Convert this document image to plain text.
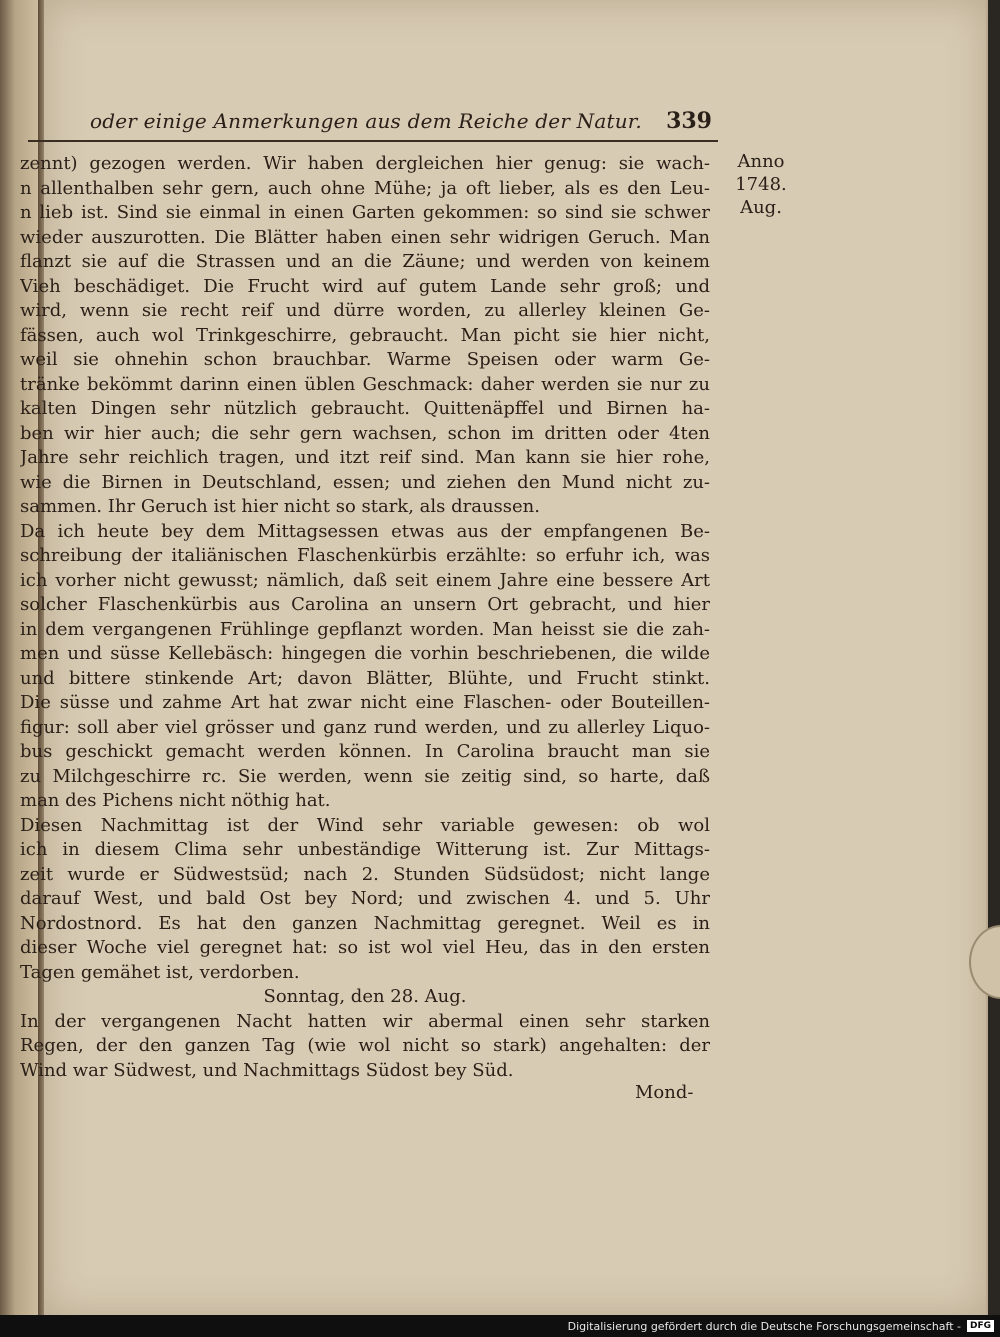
oder einige Anmerkungen aus dem Reiche der Natur. 339
Anno
1748.
Aug.
zennt) gezogen werden. Wir haben dergleichen hier genug: sie wach-
n allenthalben sehr gern, auch ohne Mühe; ja oft lieber, als es den Leu-
n lieb ist. Sind sie einmal in einen Garten gekommen: so sind sie schwer
wieder auszurotten. Die Blätter haben einen sehr widrigen Geruch. Man
flanzt sie auf die Strassen und an die Zäune; und werden von keinem
Vieh beschädiget. Die Frucht wird auf gutem Lande sehr groß; und
wird, wenn sie recht reif und dürre worden, zu allerley kleinen Ge-
fässen, auch wol Trinkgeschirre, gebraucht. Man picht sie hier nicht,
weil sie ohnehin schon brauchbar. Warme Speisen oder warm Ge-
tränke bekömmt darinn einen üblen Geschmack: daher werden sie nur zu
kalten Dingen sehr nützlich gebraucht. Quittenäpffel und Birnen ha-
ben wir hier auch; die sehr gern wachsen, schon im dritten oder 4ten
Jahre sehr reichlich tragen, und itzt reif sind. Man kann sie hier rohe,
wie die Birnen in Deutschland, essen; und ziehen den Mund nicht zu-
sammen. Ihr Geruch ist hier nicht so stark, als draussen.
Da ich heute bey dem Mittagsessen etwas aus der empfangenen Be-
schreibung der italiänischen Flaschenkürbis erzählte: so erfuhr ich, was
ich vorher nicht gewusst; nämlich, daß seit einem Jahre eine bessere Art
solcher Flaschenkürbis aus Carolina an unsern Ort gebracht, und hier
in dem vergangenen Frühlinge gepflanzt worden. Man heisst sie die zah-
men und süsse Kellebäsch: hingegen die vorhin beschriebenen, die wilde
und bittere stinkende Art; davon Blätter, Blühte, und Frucht stinkt.
Die süsse und zahme Art hat zwar nicht eine Flaschen- oder Bouteillen-
figur: soll aber viel grösser und ganz rund werden, und zu allerley Liquo-
bus geschickt gemacht werden können. In Carolina braucht man sie
zu Milchgeschirre rc. Sie werden, wenn sie zeitig sind, so harte, daß
man des Pichens nicht nöthig hat.
Diesen Nachmittag ist der Wind sehr variable gewesen: ob wol
ich in diesem Clima sehr unbeständige Witterung ist. Zur Mittags-
zeit wurde er Südwestsüd; nach 2. Stunden Südsüdost; nicht lange
darauf West, und bald Ost bey Nord; und zwischen 4. und 5. Uhr
Nordostnord. Es hat den ganzen Nachmittag geregnet. Weil es in
dieser Woche viel geregnet hat: so ist wol viel Heu, das in den ersten
Tagen gemähet ist, verdorben.
Sonntag, den 28. Aug.
In der vergangenen Nacht hatten wir abermal einen sehr starken
Regen, der den ganzen Tag (wie wol nicht so stark) angehalten: der
Wind war Südwest, und Nachmittags Südost bey Süd.
Mond-
Digitalisierung gefördert durch die Deutsche Forschungsgemeinschaft -	DFG
